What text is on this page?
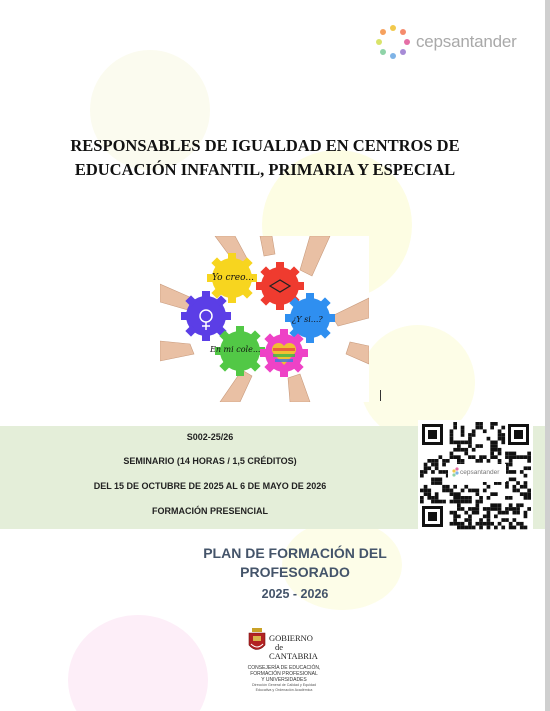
cepsantander
RESPONSABLES DE IGUALDAD EN CENTROS DE
EDUCACIÓN INFANTIL, PRIMARIA Y ESPECIAL
Yo creo...
¿Y si...?
En mi cole...
S002-25/26
SEMINARIO (14 HORAS / 1,5 CRÉDITOS)
DEL 15 DE OCTUBRE DE 2025 AL 6 DE MAYO DE 2026
FORMACIÓN PRESENCIAL
cepsantander
PLAN DE FORMACIÓN DEL
PROFESORADO
2025 - 2026
GOBIERNO
de
CANTABRIA
CONSEJERÍA DE EDUCACIÓN,
FORMACIÓN PROFESIONAL
Y UNIVERSIDADES
Dirección General de Calidad y Equidad
Educativa y Ordenación Académica
